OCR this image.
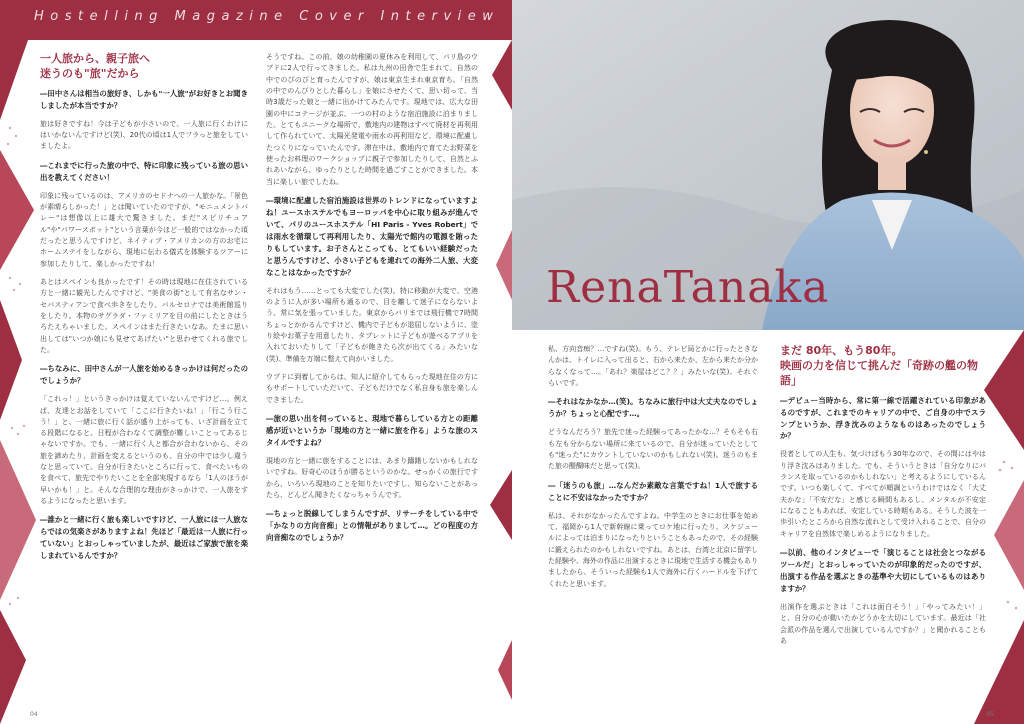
Hostelling Magazine Cover Interview
一人旅から、親子旅へ
迷うのも"旅"だから

―田中さんは相当の旅好き、しかも"一人旅"がお好きとお聞きしましたが本当ですか？

旅は好きですね！今は子どもが小さいので、一人旅に行くわけにはいかないんですけど(笑)、20代の頃は1人でフラっと旅をしていましたよ。

―これまでに行った旅の中で、特に印象に残っている旅の思い出を教えてください！

印象に残っているのは、アメリカのセドナへの一人旅かな。「景色が素晴らしかった！」とは聞いていたのですが、"モニュメントバレー"は想像以上に雄大で驚きました。まだ"スピリチュアル"や"パワースポット"という言葉が今ほど一般的ではなかった頃だったと思うんですけど、ネイティブ・アメリカンの方のお宅にホームステイをしながら、現地に伝わる儀式を体験するツアーに参加したりして、楽しかったですね！

あとはスペインも良かったです！その時は現地に在住されている方と一緒に観光したんですけど、"美食の街"として有名なサン・セバスティアンで食べ歩きをしたり、バルセロナでは美術館巡りをしたり。本物のサグラダ・ファミリアを目の前にしたときはうろたえちゃいました。スペインはまた行きたいなあ。たまに思い出しては"いつか娘にも見せてあげたい"と思わせてくれる旅でした。

―ちなみに、田中さんが一人旅を始めるきっかけは何だったのでしょうか？

「これっ！」というきっかけは覚えていないんですけど…。例えば、友達とお話をしていて「ここに行きたいね！」「行こう行こう！」と、一緒に旅に行く話が盛り上がっても、いざ計画を立てる段階になると、日程が合わなくて調整が難しいことってあるじゃないですか。でも、一緒に行く人と都合が合わないから、その旅を諦めたり、計画を変えるというのも、自分の中では少し違うなと思っていて。自分が行きたいところに行って、食べたいものを食べて、旅先でやりたいことを全部実現するなら「1人のほうが早いかも！」と。そんな合理的な理由がきっかけで、一人旅をするようになったと思います。

―誰かと一緒に行く旅も楽しいですけど、一人旅には一人旅ならではの気楽さがありますよね！先ほど「最近は一人旅に行っていない」とおっしゃっていましたが、最近はご家族で旅を楽しまれているんですか？

そうですね。この前、娘の幼稚園の夏休みを利用して、パリ島のウブドに2人で行ってきました。私は九州の田舎で生まれて、自然の中でのびのびと育ったんですが、娘は東京生まれ東京育ち。「自然の中でのんびりとした暮らし」を娘にさせたくて、思い切って、当時3歳だった娘と一緒に出かけてみたんです。現地では、広大な田園の中にコテージが並ぶ、一つの村のような宿泊施設に泊まりました。とてもユニークな場所で、敷地内の建物はすべて廃材を再利用して作られていて、太陽光発電や雨水の再利用など、環境に配慮したつくりになっていたんです。滞在中は、敷地内で育てたお野菜を使ったお料理のワークショップに親子で参加したりして、自然とふれあいながら、ゆったりとした時間を過ごすことができました。本当に楽しい旅でしたね。

―環境に配慮した宿泊施設は世界のトレンドになっていますよね！ユースホステルでもヨーロッパを中心に取り組みが進んでいて、パリのユースホステル「HI Paris - Yves Robert」では雨水を循環して再利用したり、太陽光で館内の電源を賄ったりもしています。お子さんとこっても、とてもいい経験だったと思うんですけど、小さい子どもを連れての海外二人旅、大変なことはなかったですか？

それはもう……とっても大変でした(笑)。特に移動が大変で、空港のように人が多い場所も通るので、目を離して迷子にならないよう、常に気を張っていました。東京からバリまでは飛行機で7時間ちょっとかかるんですけど、機内で子どもが退屈しないように、塗り絵やお菓子を用意したり、タブレットに子どもが遊べるアプリを入れておいたりして「子どもが飽きたら次が出てくる」みたいな(笑)、準備を万端に整えて向かいました。

ウブドに到着してからは、知人に紹介してもらった現地在住の方にもサポートしていただいて、子どもだけでなく私自身も旅を楽しんできました。

―旅の思い出を伺っていると、現地で暮らしている方との距離感が近いというか「現地の方と一緒に旅を作る」ような旅のスタイルですよね？

現地の方と一緒に旅をすることには、あまり躊躇しないかもしれないですね。好奇心のほうが勝るというのかな。せっかくの旅行ですから、いろいろ現地のことを知りたいですし、知らないことがあったら、どんどん聞きたくなっちゃうんです。

―ちょっと脱線してしまうんですが、リサーチをしている中で「かなりの方向音痴」との情報がありまして…。どの程度の方向音痴なのでしょうか？

04
RenaTanaka
05

私、方向音痴？…ですね(笑)。もう、テレビ局とかに行ったときなんかは、トイレに入って出ると、右から来たか、左から来たか分からなくなって…。「あれ？楽屋はどこ？？」みたいな(笑)。それぐらいです。

―それはなかなか…(笑)。ちなみに旅行中は大丈夫なのでしょうか？ちょっと心配です…。

どうなんだろう？旅先で迷った経験ってあったかな…？そもそも右も左も分からない場所に来ているので、自分が迷っていたとしても"迷った"にカウントしていないのかもしれない(笑)。迷うのもまた旅の醍醐味だと思って(笑)。

―「迷うのも旅」…なんだか素敵な言葉ですね！1人で旅することに不安はなかったですか？

私は、それがなかったんですよね。中学生のときにお仕事を始めて、福岡から1人で新幹線に乗ってロケ地に行ったり、スケジュールによっては泊まりになったりということもあったので、その経験に鍛えられたのかもしれないですね。あとは、台湾と北京に留学した経験や、海外の作品に出演するときに現地で生活する機会もありましたから、そういった経験も1人で海外に行くハードルを下げてくれたと思います。

まだ 80年、もう80年。
映画の力を信じて挑んだ「奇跡の艦の物語」

―デビュー当時から、常に第一線で活躍されている印象があるのですが、これまでのキャリアの中で、ご自身の中でスランプというか、浮き沈みのようなものはあったのでしょうか？

役者としての人生も、気づけばもう30年なので、その間にはやはり浮き沈みはありました。でも、そういうときは「自分なりにバランスを取っているのかもしれない」と考えるようにしているんです。いつも楽しくて、すべてが順調というわけではなく「大丈夫かな」「不安だな」と感じる瞬間もあるし、メンタルが不安定になることもあれば、安定している時期もある。そうした波を一歩引いたところから自然な流れとして受け入れることで、自分のキャリアを自然体で楽しめるようになりました。

―以前、他のインタビューで「演じることは社会とつながるツールだ」とおっしゃっていたのが印象的だったのですが、出演する作品を選ぶときの基準や大切にしているものはありますか？

出演作を選ぶときは「これは面白そう！」「やってみたい！」と、自分の心が動いたかどうかを大切にしています。最近は「社会派の作品を選んで出演しているんですか？」と聞かれることもあ
